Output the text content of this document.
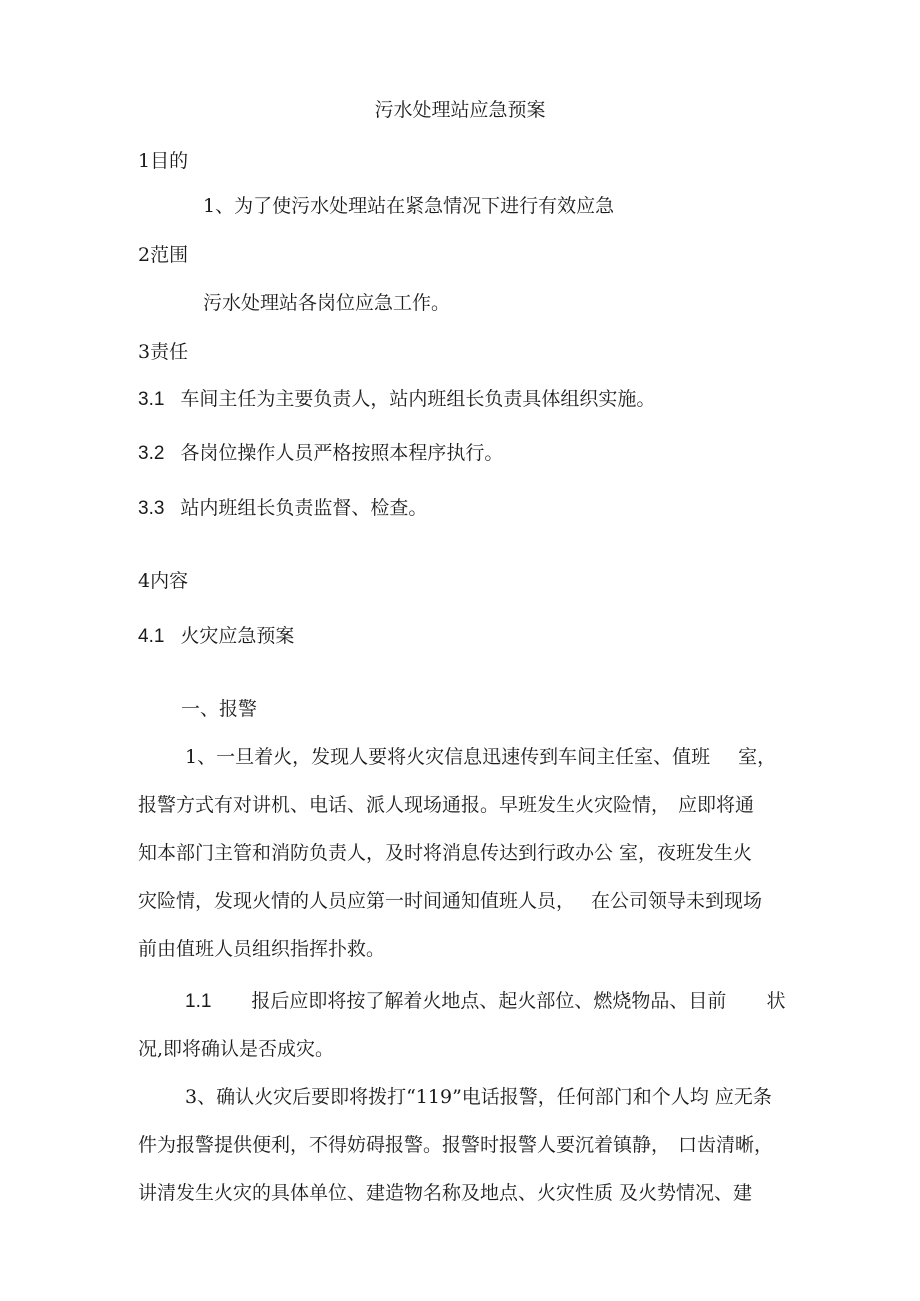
污水处理站应急预案
1目的
1、为了使污水处理站在紧急情况下进行有效应急
2范围
污水处理站各岗位应急工作。
3责任
3.1 车间主任为主要负责人，站内班组长负责具体组织实施。
3.2 各岗位操作人员严格按照本程序执行。
3.3 站内班组长负责监督、检查。
4内容
4.1 火灾应急预案
一、报警
1、一旦着火，发现人要将火灾信息迅速传到车间主任室、值班 室，
报警方式有对讲机、电话、派人现场通报。早班发生火灾险情， 应即将通
知本部门主管和消防负责人，及时将消息传达到行政办公 室，夜班发生火
灾险情，发现火情的人员应第一时间通知值班人员， 在公司领导未到现场
前由值班人员组织指挥扑救。
1.1 报后应即将按了解着火地点、起火部位、燃烧物品、目前 状
况,即将确认是否成灾。
3、确认火灾后要即将拨打“119”电话报警，任何部门和个人均 应无条
件为报警提供便利，不得妨碍报警。报警时报警人要沉着镇静， 口齿清晰，
讲清发生火灾的具体单位、建造物名称及地点、火灾性质 及火势情况、建
